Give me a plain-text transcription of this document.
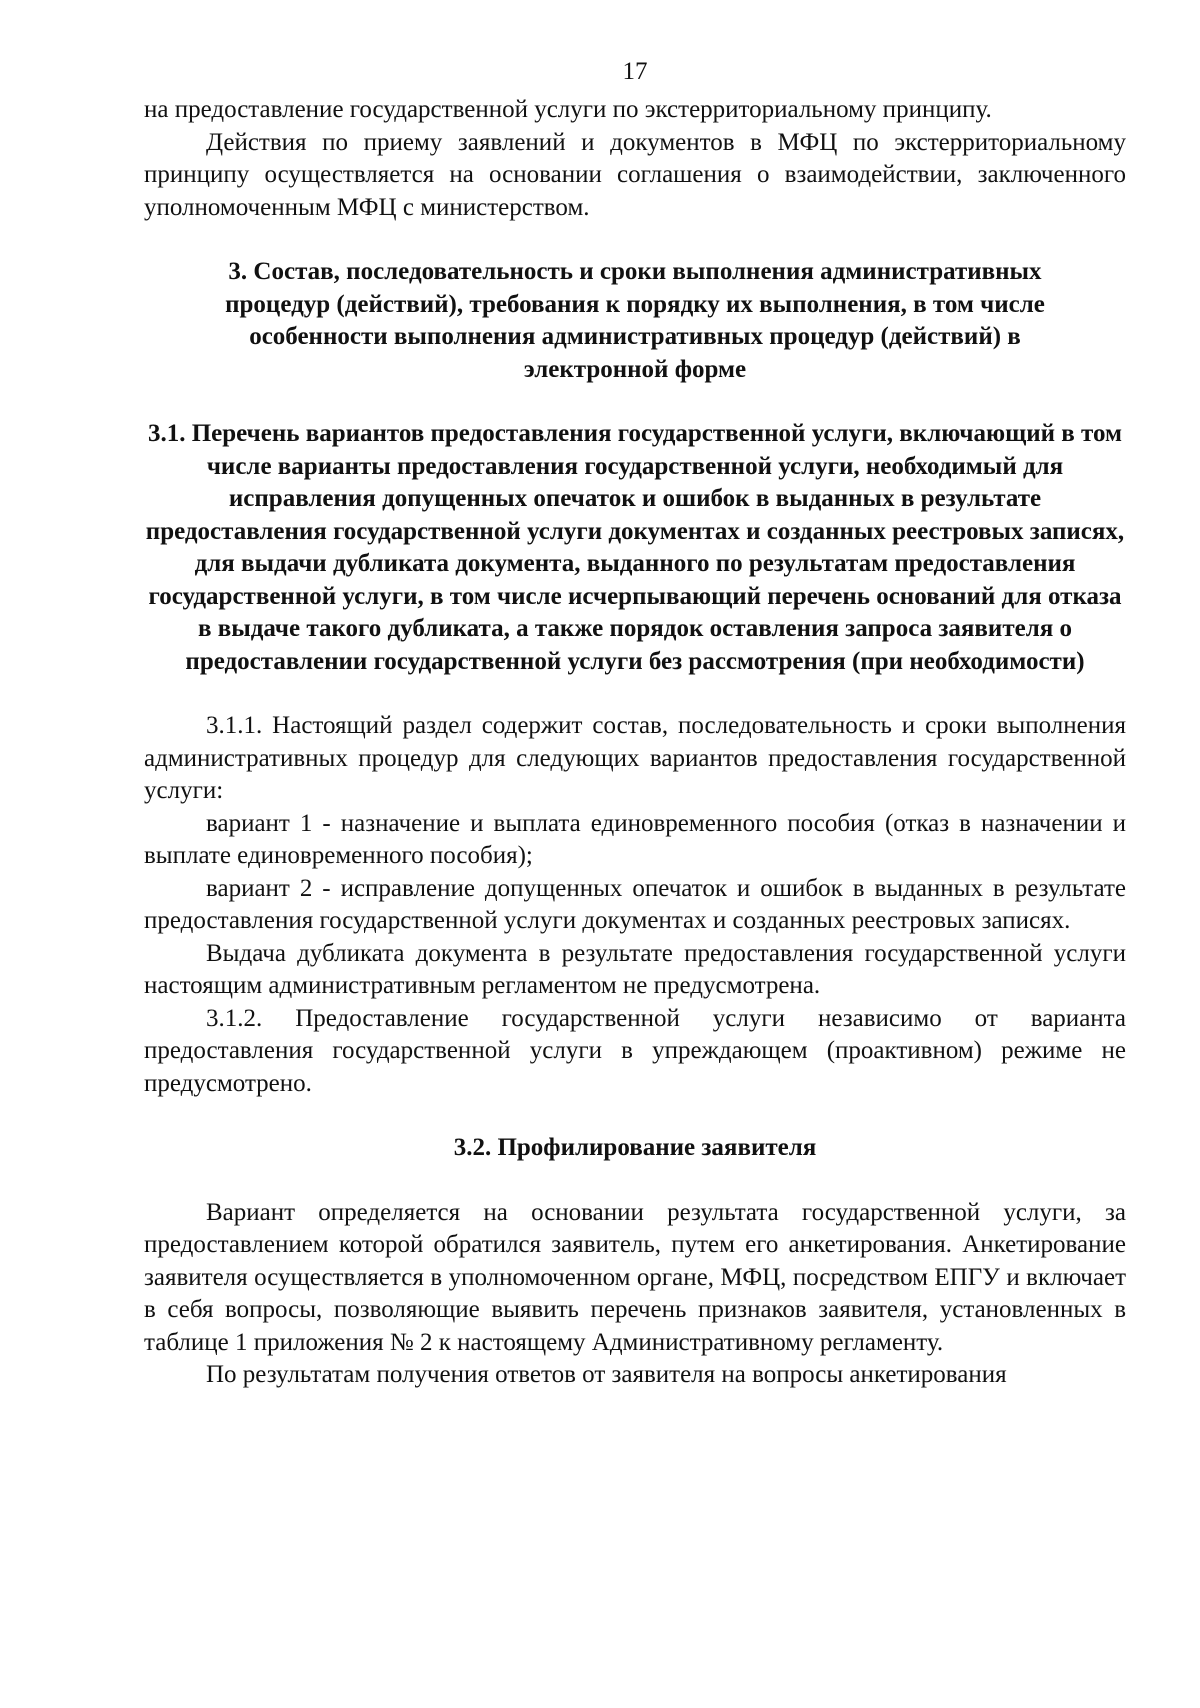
17

на предоставление государственной услуги по экстерриториальному принципу.

Действия по приему заявлений и документов в МФЦ по экстерриториальному принципу осуществляется на основании соглашения о взаимодействии, заключенного уполномоченным МФЦ с министерством.

3. Состав, последовательность и сроки выполнения административных процедур (действий), требования к порядку их выполнения, в том числе особенности выполнения административных процедур (действий) в электронной форме
3.1. Перечень вариантов предоставления государственной услуги, включающий в том числе варианты предоставления государственной услуги, необходимый для исправления допущенных опечаток и ошибок в выданных в результате предоставления государственной услуги документах и созданных реестровых записях, для выдачи дубликата документа, выданного по результатам предоставления государственной услуги, в том числе исчерпывающий перечень оснований для отказа в выдаче такого дубликата, а также порядок оставления запроса заявителя о предоставлении государственной услуги без рассмотрения (при необходимости)

3.1.1. Настоящий раздел содержит состав, последовательность и сроки выполнения административных процедур для следующих вариантов предоставления государственной услуги:

вариант 1 - назначение и выплата единовременного пособия (отказ в назначении и выплате единовременного пособия);

вариант 2 - исправление допущенных опечаток и ошибок в выданных в результате предоставления государственной услуги документах и созданных реестровых записях.

Выдача дубликата документа в результате предоставления государственной услуги настоящим административным регламентом не предусмотрена.

3.1.2. Предоставление государственной услуги независимо от варианта предоставления государственной услуги в упреждающем (проактивном) режиме не предусмотрено.

3.2. Профилирование заявителя

Вариант определяется на основании результата государственной услуги, за предоставлением которой обратился заявитель, путем его анкетирования. Анкетирование заявителя осуществляется в уполномоченном органе, МФЦ, посредством ЕПГУ и включает в себя вопросы, позволяющие выявить перечень признаков заявителя, установленных в таблице 1 приложения № 2 к настоящему Административному регламенту.

По результатам получения ответов от заявителя на вопросы анкетирования
